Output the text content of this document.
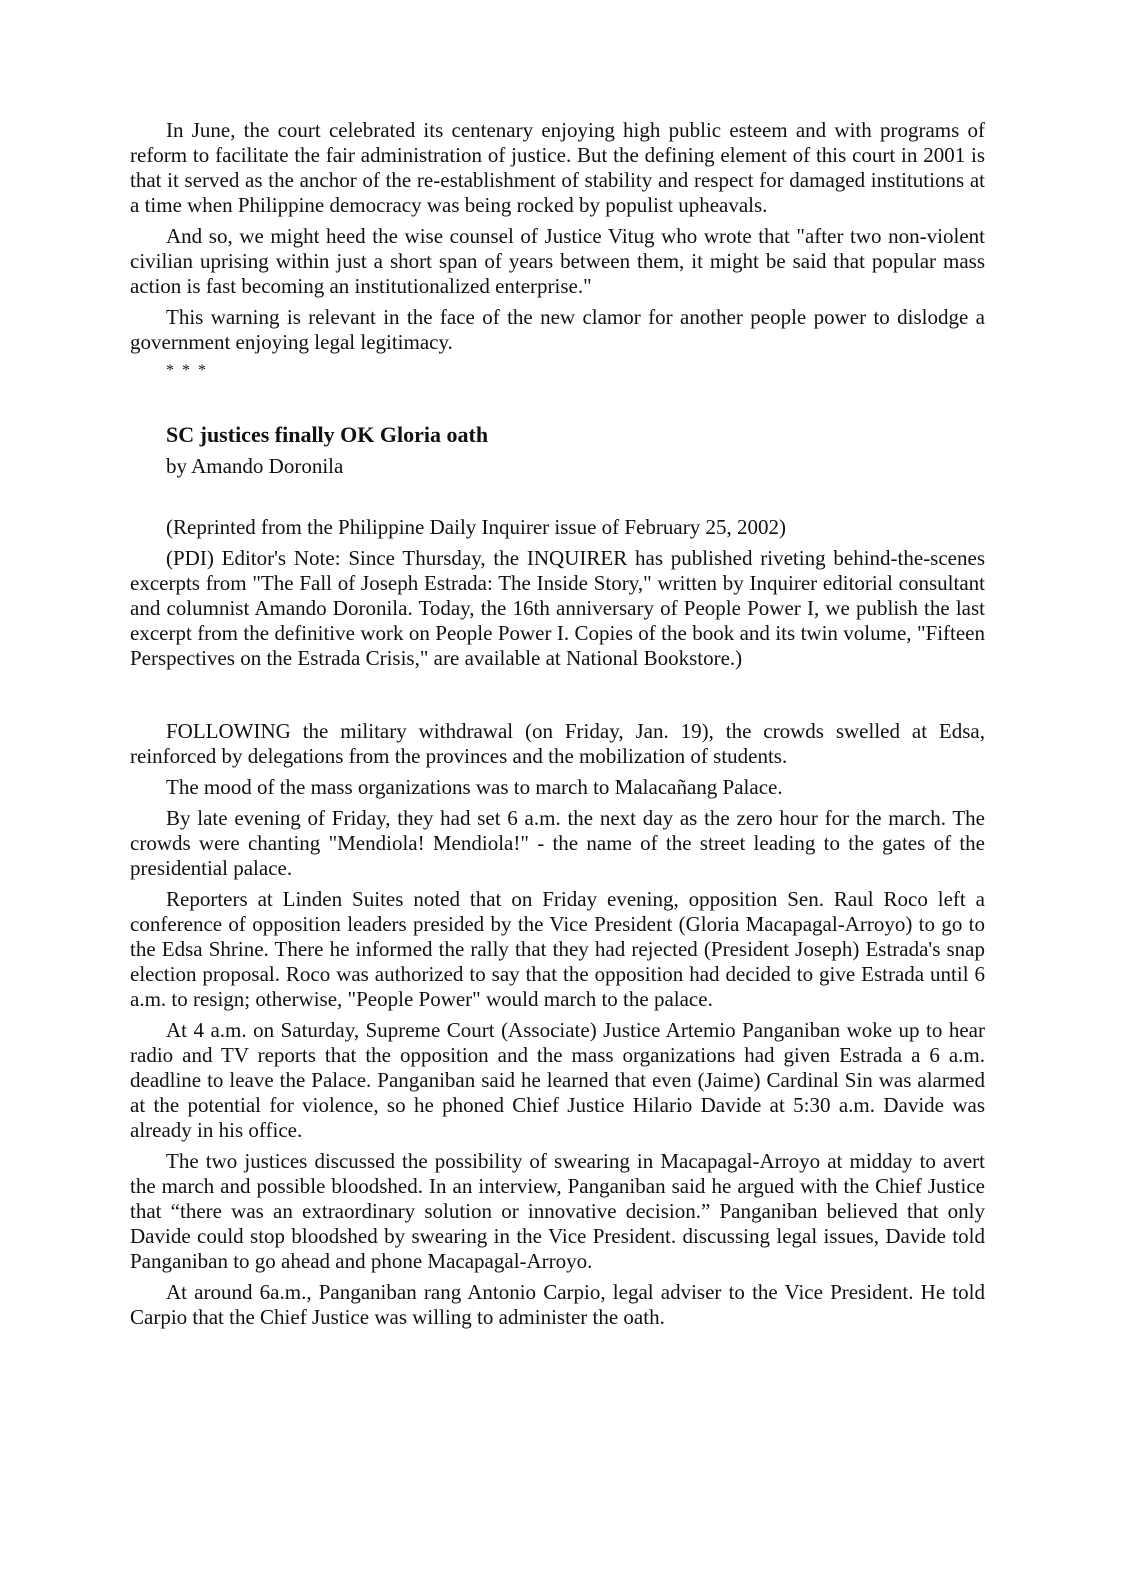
In June, the court celebrated its centenary enjoying high public esteem and with programs of reform to facilitate the fair administration of justice. But the defining element of this court in 2001 is that it served as the anchor of the re-establishment of stability and respect for damaged institutions at a time when Philippine democracy was being rocked by populist upheavals.

And so, we might heed the wise counsel of Justice Vitug who wrote that "after two non-violent civilian uprising within just a short span of years between them, it might be said that popular mass action is fast becoming an institutionalized enterprise."

This warning is relevant in the face of the new clamor for another people power to dislodge a government enjoying legal legitimacy.

* * *

SC justices finally OK Gloria oath

by Amando Doronila

(Reprinted from the Philippine Daily Inquirer issue of February 25, 2002)

(PDI) Editor's Note: Since Thursday, the INQUIRER has published riveting behind-the-scenes excerpts from "The Fall of Joseph Estrada: The Inside Story," written by Inquirer editorial consultant and columnist Amando Doronila. Today, the 16th anniversary of People Power I, we publish the last excerpt from the definitive work on People Power I. Copies of the book and its twin volume, "Fifteen Perspectives on the Estrada Crisis," are available at National Bookstore.)

FOLLOWING the military withdrawal (on Friday, Jan. 19), the crowds swelled at Edsa, reinforced by delegations from the provinces and the mobilization of students.

The mood of the mass organizations was to march to Malacañang Palace.

By late evening of Friday, they had set 6 a.m. the next day as the zero hour for the march. The crowds were chanting "Mendiola! Mendiola!" - the name of the street leading to the gates of the presidential palace.

Reporters at Linden Suites noted that on Friday evening, opposition Sen. Raul Roco left a conference of opposition leaders presided by the Vice President (Gloria Macapagal-Arroyo) to go to the Edsa Shrine. There he informed the rally that they had rejected (President Joseph) Estrada's snap election proposal. Roco was authorized to say that the opposition had decided to give Estrada until 6 a.m. to resign; otherwise, "People Power" would march to the palace.

At 4 a.m. on Saturday, Supreme Court (Associate) Justice Artemio Panganiban woke up to hear radio and TV reports that the opposition and the mass organizations had given Estrada a 6 a.m. deadline to leave the Palace. Panganiban said he learned that even (Jaime) Cardinal Sin was alarmed at the potential for violence, so he phoned Chief Justice Hilario Davide at 5:30 a.m. Davide was already in his office.

The two justices discussed the possibility of swearing in Macapagal-Arroyo at midday to avert the march and possible bloodshed. In an interview, Panganiban said he argued with the Chief Justice that “there was an extraordinary solution or innovative decision.” Panganiban believed that only Davide could stop bloodshed by swearing in the Vice President. discussing legal issues, Davide told Panganiban to go ahead and phone Macapagal-Arroyo.

At around 6a.m., Panganiban rang Antonio Carpio, legal adviser to the Vice President. He told Carpio that the Chief Justice was willing to administer the oath.
